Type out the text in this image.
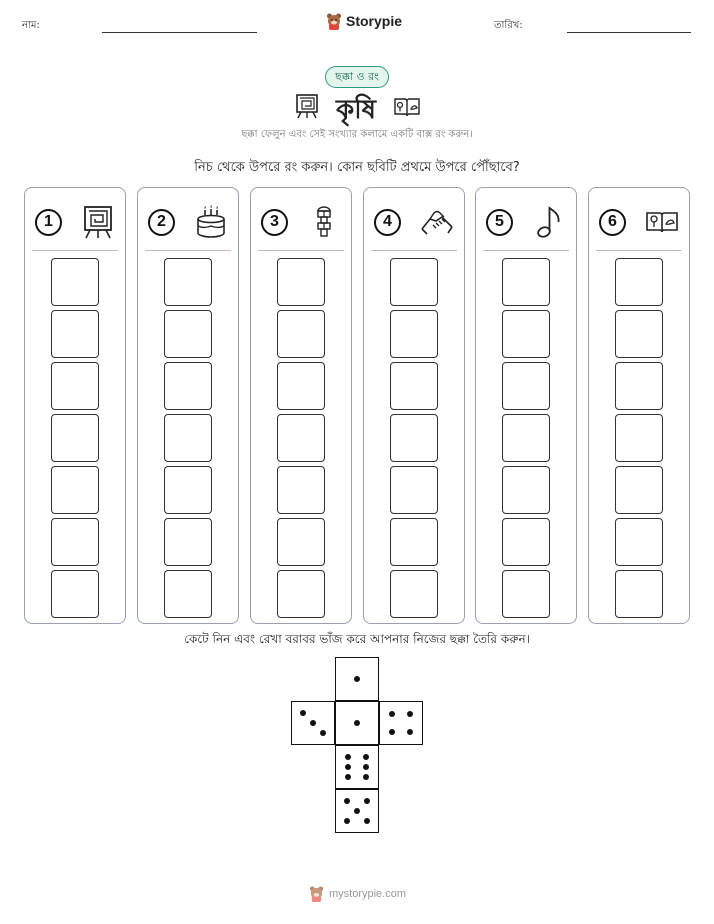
নাম:	Storypie	তারিখ:
ছক্কা ও রং
কৃষি
ছক্কা ফেলুন এবং সেই সংখ্যার কলামে একটি বাক্স রং করুন।
নিচ থেকে উপরে রং করুন। কোন ছবিটি প্রথমে উপরে পৌঁছাবে?
1	2	3	4	5	6
কেটে নিন এবং রেখা বরাবর ভাঁজ করে আপনার নিজের ছক্কা তৈরি করুন।
mystorypie.com
